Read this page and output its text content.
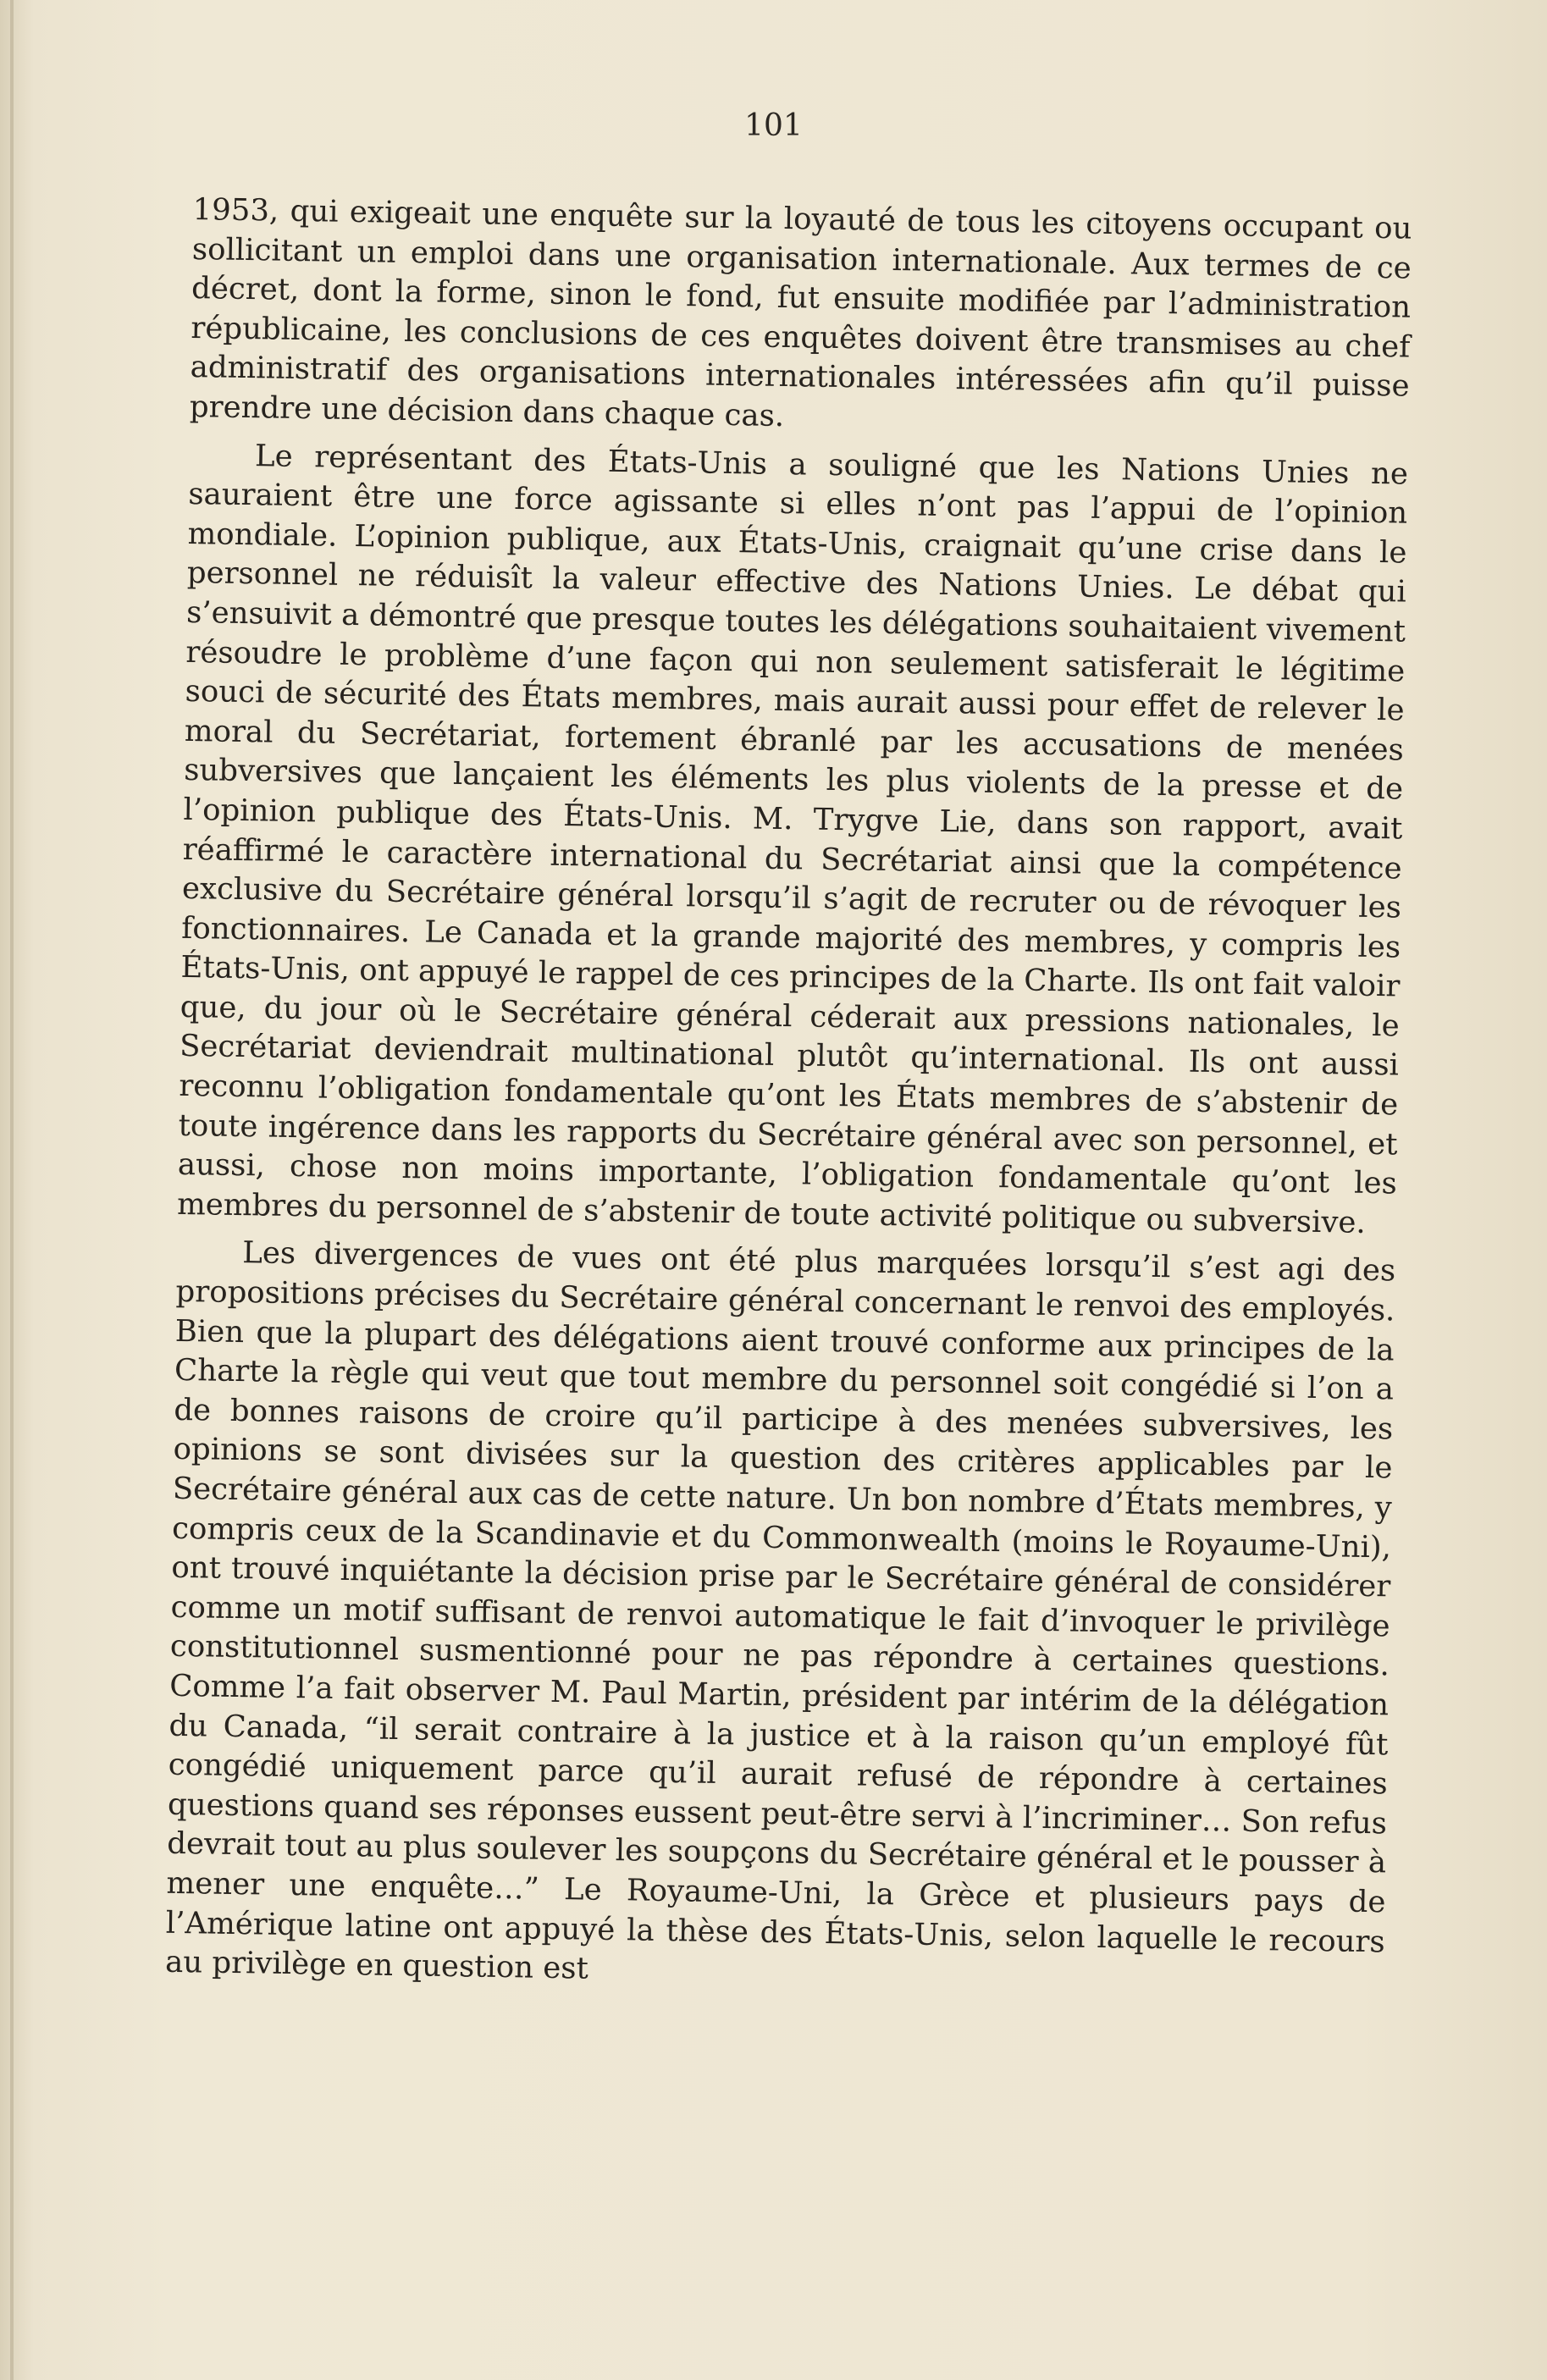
101

1953, qui exigeait une enquête sur la loyauté de tous les citoyens occupant ou sollicitant un emploi dans une organisation internationale. Aux termes de ce décret, dont la forme, sinon le fond, fut ensuite modifiée par l’administration républicaine, les conclusions de ces enquêtes doivent être transmises au chef administratif des organisations internationales intéressées afin qu’il puisse prendre une décision dans chaque cas.

Le représentant des États-Unis a souligné que les Nations Unies ne sauraient être une force agissante si elles n’ont pas l’appui de l’opinion mondiale. L’opinion publique, aux États-Unis, craignait qu’une crise dans le personnel ne réduisît la valeur effective des Nations Unies. Le débat qui s’ensuivit a démontré que presque toutes les délégations souhaitaient vivement résoudre le problème d’une façon qui non seulement satisferait le légitime souci de sécurité des États membres, mais aurait aussi pour effet de relever le moral du Secrétariat, fortement ébranlé par les accusations de menées subversives que lançaient les éléments les plus violents de la presse et de l’opinion publique des États-Unis. M. Trygve Lie, dans son rapport, avait réaffirmé le caractère international du Secrétariat ainsi que la compétence exclusive du Secrétaire général lorsqu’il s’agit de recruter ou de révoquer les fonctionnaires. Le Canada et la grande majorité des membres, y compris les États-Unis, ont appuyé le rappel de ces principes de la Charte. Ils ont fait valoir que, du jour où le Secrétaire général céderait aux pressions nationales, le Secrétariat deviendrait multinational plutôt qu’international. Ils ont aussi reconnu l’obligation fondamentale qu’ont les États membres de s’abstenir de toute ingérence dans les rapports du Secrétaire général avec son personnel, et aussi, chose non moins importante, l’obligation fondamentale qu’ont les membres du personnel de s’abstenir de toute activité politique ou subversive.

Les divergences de vues ont été plus marquées lorsqu’il s’est agi des propositions précises du Secrétaire général concernant le renvoi des employés. Bien que la plupart des délégations aient trouvé conforme aux principes de la Charte la règle qui veut que tout membre du personnel soit congédié si l’on a de bonnes raisons de croire qu’il participe à des menées subversives, les opinions se sont divisées sur la question des critères applicables par le Secrétaire général aux cas de cette nature. Un bon nombre d’États membres, y compris ceux de la Scandinavie et du Commonwealth (moins le Royaume-Uni), ont trouvé inquiétante la décision prise par le Secrétaire général de considérer comme un motif suffisant de renvoi automatique le fait d’invoquer le privilège constitutionnel susmentionné pour ne pas répondre à certaines questions. Comme l’a fait observer M. Paul Martin, président par intérim de la délégation du Canada, “il serait contraire à la justice et à la raison qu’un employé fût congédié uniquement parce qu’il aurait refusé de répondre à certaines questions quand ses réponses eussent peut-être servi à l’incriminer… Son refus devrait tout au plus soulever les soupçons du Secrétaire général et le pousser à mener une enquête…” Le Royaume-Uni, la Grèce et plusieurs pays de l’Amérique latine ont appuyé la thèse des États-Unis, selon laquelle le recours au privilège en question est
